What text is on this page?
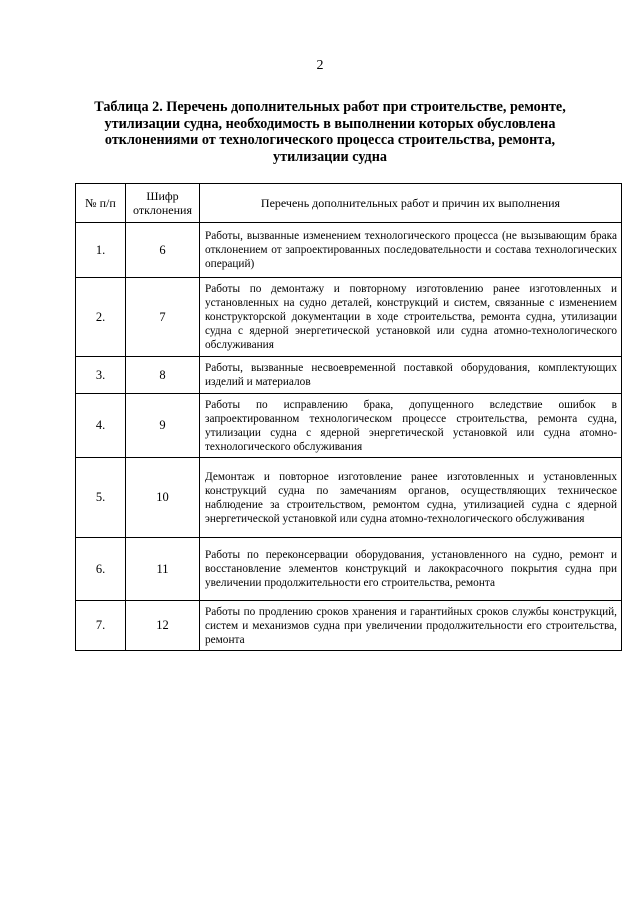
2
Таблица 2. Перечень дополнительных работ при строительстве, ремонте, утилизации судна, необходимость в выполнении которых обусловлена отклонениями от технологического процесса строительства, ремонта, утилизации судна
№ п/п	Шифр отклонения	Перечень дополнительных работ и причин их выполнения
1.	6	Работы, вызванные изменением технологического процесса (не вызывающим брака отклонением от запроектированных последовательности и состава технологических операций)
2.	7	Работы по демонтажу и повторному изготовлению ранее изготовленных и установленных на судно деталей, конструкций и систем, связанные с изменением конструкторской документации в ходе строительства, ремонта судна, утилизации судна с ядерной энергетической установкой или судна атомно-технологического обслуживания
3.	8	Работы, вызванные несвоевременной поставкой оборудования, комплектующих изделий и материалов
4.	9	Работы по исправлению брака, допущенного вследствие ошибок в запроектированном технологическом процессе строительства, ремонта судна, утилизации судна с ядерной энергетической установкой или судна атомно-технологического обслуживания
5.	10	Демонтаж и повторное изготовление ранее изготовленных и установленных конструкций судна по замечаниям органов, осуществляющих техническое наблюдение за строительством, ремонтом судна, утилизацией судна с ядерной энергетической установкой или судна атомно-технологического обслуживания
6.	11	Работы по переконсервации оборудования, установленного на судно, ремонт и восстановление элементов конструкций и лакокрасочного покрытия судна при увеличении продолжительности его строительства, ремонта
7.	12	Работы по продлению сроков хранения и гарантийных сроков службы конструкций, систем и механизмов судна при увеличении продолжительности его строительства, ремонта
